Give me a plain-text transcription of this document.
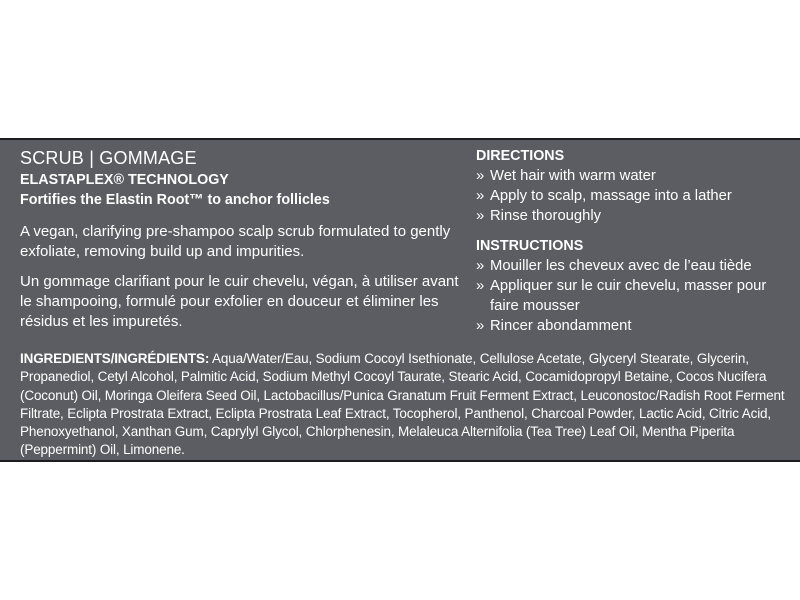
SCRUB | GOMMAGE
ELASTAPLEX® TECHNOLOGY
Fortifies the Elastin Root™ to anchor follicles
A vegan, clarifying pre-shampoo scalp scrub formulated to gently exfoliate, removing build up and impurities.
Un gommage clarifiant pour le cuir chevelu, végan, à utiliser avant le shampooing, formulé pour exfolier en douceur et éliminer les résidus et les impuretés.
DIRECTIONS
» Wet hair with warm water
» Apply to scalp, massage into a lather
» Rinse thoroughly
INSTRUCTIONS
» Mouiller les cheveux avec de l’eau tiède
» Appliquer sur le cuir chevelu, masser pour faire mousser
» Rincer abondamment
INGREDIENTS/INGRÉDIENTS: Aqua/Water/Eau, Sodium Cocoyl Isethionate, Cellulose Acetate, Glyceryl Stearate, Glycerin, Propanediol, Cetyl Alcohol, Palmitic Acid, Sodium Methyl Cocoyl Taurate, Stearic Acid, Cocamidopropyl Betaine, Cocos Nucifera (Coconut) Oil, Moringa Oleifera Seed Oil, Lactobacillus/Punica Granatum Fruit Ferment Extract, Leuconostoc/Radish Root Ferment Filtrate, Eclipta Prostrata Extract, Eclipta Prostrata Leaf Extract, Tocopherol, Panthenol, Charcoal Powder, Lactic Acid, Citric Acid, Phenoxyethanol, Xanthan Gum, Caprylyl Glycol, Chlorphenesin, Melaleuca Alternifolia (Tea Tree) Leaf Oil, Mentha Piperita (Peppermint) Oil, Limonene.
